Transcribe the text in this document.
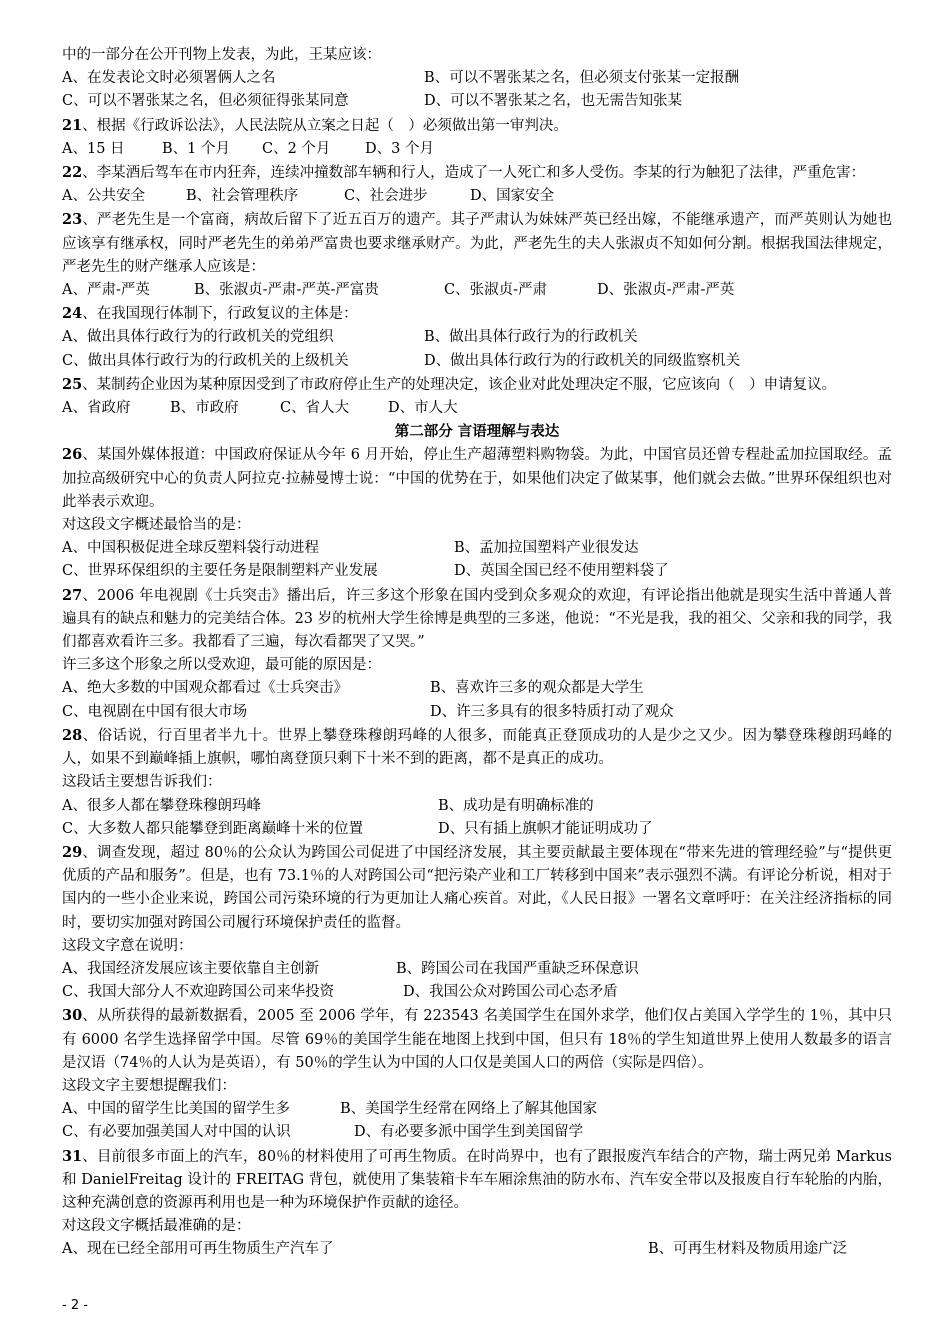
中的一部分在公开刊物上发表，为此，王某应该：
A、在发表论文时必须署俩人之名	B、可以不署张某之名，但必须支付张某一定报酬
C、可以不署张某之名，但必须征得张某同意	D、可以不署张某之名，也无需告知张某
21、根据《行政诉讼法》，人民法院从立案之日起（　）必须做出第一审判决。
A、15 日	B、1 个月	C、2 个月	D、3 个月
22、李某酒后驾车在市内狂奔，连续冲撞数部车辆和行人，造成了一人死亡和多人受伤。李某的行为触犯了法律，严重危害：
A、公共安全	B、社会管理秩序	C、社会进步	D、国家安全
23、严老先生是一个富商，病故后留下了近五百万的遗产。其子严肃认为妹妹严英已经出嫁，不能继承遗产，而严英则认为她也应该享有继承权，同时严老先生的弟弟严富贵也要求继承财产。为此，严老先生的夫人张淑贞不知如何分割。根据我国法律规定，严老先生的财产继承人应该是：
A、严肃-严英	B、张淑贞-严肃-严英-严富贵	C、张淑贞-严肃	D、张淑贞-严肃-严英
24、在我国现行体制下，行政复议的主体是：
A、做出具体行政行为的行政机关的党组织	B、做出具体行政行为的行政机关
C、做出具体行政行为的行政机关的上级机关	D、做出具体行政行为的行政机关的同级监察机关
25、某制药企业因为某种原因受到了市政府停止生产的处理决定，该企业对此处理决定不服，它应该向（　）申请复议。
A、省政府	B、市政府	C、省人大	D、市人大
第二部分 言语理解与表达
26、某国外媒体报道：中国政府保证从今年 6 月开始，停止生产超薄塑料购物袋。为此，中国官员还曾专程赴孟加拉国取经。孟加拉高级研究中心的负责人阿拉克·拉赫曼博士说：“中国的优势在于，如果他们决定了做某事，他们就会去做。”世界环保组织也对此举表示欢迎。
对这段文字概述最恰当的是：
A、中国积极促进全球反塑料袋行动进程	B、孟加拉国塑料产业很发达
C、世界环保组织的主要任务是限制塑料产业发展	D、英国全国已经不使用塑料袋了
27、2006 年电视剧《士兵突击》播出后，许三多这个形象在国内受到众多观众的欢迎，有评论指出他就是现实生活中普通人普遍具有的缺点和魅力的完美结合体。23 岁的杭州大学生徐博是典型的三多迷，他说：“不光是我，我的祖父、父亲和我的同学，我们都喜欢看许三多。我都看了三遍，每次看都哭了又哭。”
许三多这个形象之所以受欢迎，最可能的原因是：
A、绝大多数的中国观众都看过《士兵突击》	B、喜欢许三多的观众都是大学生
C、电视剧在中国有很大市场	D、许三多具有的很多特质打动了观众
28、俗话说，行百里者半九十。世界上攀登珠穆朗玛峰的人很多，而能真正登顶成功的人是少之又少。因为攀登珠穆朗玛峰的人，如果不到巅峰插上旗帜，哪怕离登顶只剩下十米不到的距离，都不是真正的成功。
这段话主要想告诉我们：
A、很多人都在攀登珠穆朗玛峰	B、成功是有明确标准的
C、大多数人都只能攀登到距离巅峰十米的位置	D、只有插上旗帜才能证明成功了
29、调查发现，超过 80％的公众认为跨国公司促进了中国经济发展，其主要贡献最主要体现在“带来先进的管理经验”与“提供更优质的产品和服务”。但是，也有 73.1％的人对跨国公司“把污染产业和工厂转移到中国来”表示强烈不满。有评论分析说，相对于国内的一些小企业来说，跨国公司污染环境的行为更加让人痛心疾首。对此，《人民日报》一署名文章呼吁：在关注经济指标的同时，要切实加强对跨国公司履行环境保护责任的监督。
这段文字意在说明：
A、我国经济发展应该主要依靠自主创新	B、跨国公司在我国严重缺乏环保意识
C、我国大部分人不欢迎跨国公司来华投资	D、我国公众对跨国公司心态矛盾
30、从所获得的最新数据看，2005 至 2006 学年，有 223543 名美国学生在国外求学，他们仅占美国入学学生的 1％，其中只有 6000 名学生选择留学中国。尽管 69％的美国学生能在地图上找到中国，但只有 18％的学生知道世界上使用人数最多的语言是汉语（74％的人认为是英语），有 50％的学生认为中国的人口仅是美国人口的两倍（实际是四倍）。
这段文字主要想提醒我们：
A、中国的留学生比美国的留学生多	B、美国学生经常在网络上了解其他国家
C、有必要加强美国人对中国的认识	D、有必要多派中国学生到美国留学
31、目前很多市面上的汽车，80％的材料使用了可再生物质。在时尚界中，也有了跟报废汽车结合的产物，瑞士两兄弟 Markus 和 DanielFreitag 设计的 FREITAG 背包，就使用了集装箱卡车车厢涂焦油的防水布、汽车安全带以及报废自行车轮胎的内胎，这种充满创意的资源再利用也是一种为环境保护作贡献的途径。
对这段文字概括最准确的是：
A、现在已经全部用可再生物质生产汽车了	B、可再生材料及物质用途广泛
- 2 -
